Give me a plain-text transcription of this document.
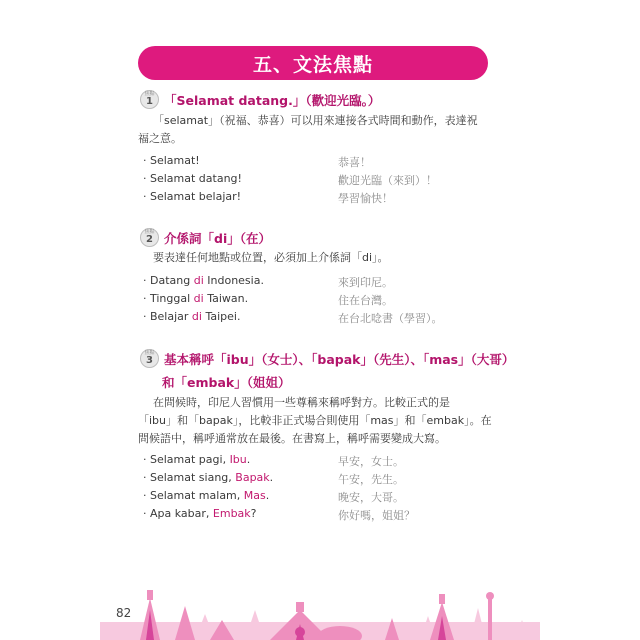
五、文法焦點
焦點
1 「Selamat datang.」（歡迎光臨。）

「selamat」（祝福、恭喜）可以用來連接各式時間和動作，表達祝

福之意。

· Selamat!	恭喜！
· Selamat datang!	歡迎光臨（來到）！
· Selamat belajar!	學習愉快！
焦點
2 介係詞「di」（在）

要表達任何地點或位置，必須加上介係詞「di」。

· Datang di Indonesia.	來到印尼。
· Tinggal di Taiwan.	住在台灣。
· Belajar di Taipei.	在台北唸書（學習）。
焦點
3 基本稱呼「ibu」（女士）、「bapak」（先生）、「mas」（大哥）
和「embak」（姐姐）

在問候時，印尼人習慣用一些尊稱來稱呼對方。比較正式的是

「ibu」和「bapak」，比較非正式場合則使用「mas」和「embak」。在

問候語中，稱呼通常放在最後。在書寫上，稱呼需要變成大寫。

· Selamat pagi, Ibu.	早安，女士。
· Selamat siang, Bapak.	午安，先生。
· Selamat malam, Mas.	晚安，大哥。
· Apa kabar, Embak?	你好嗎，姐姐？
82
